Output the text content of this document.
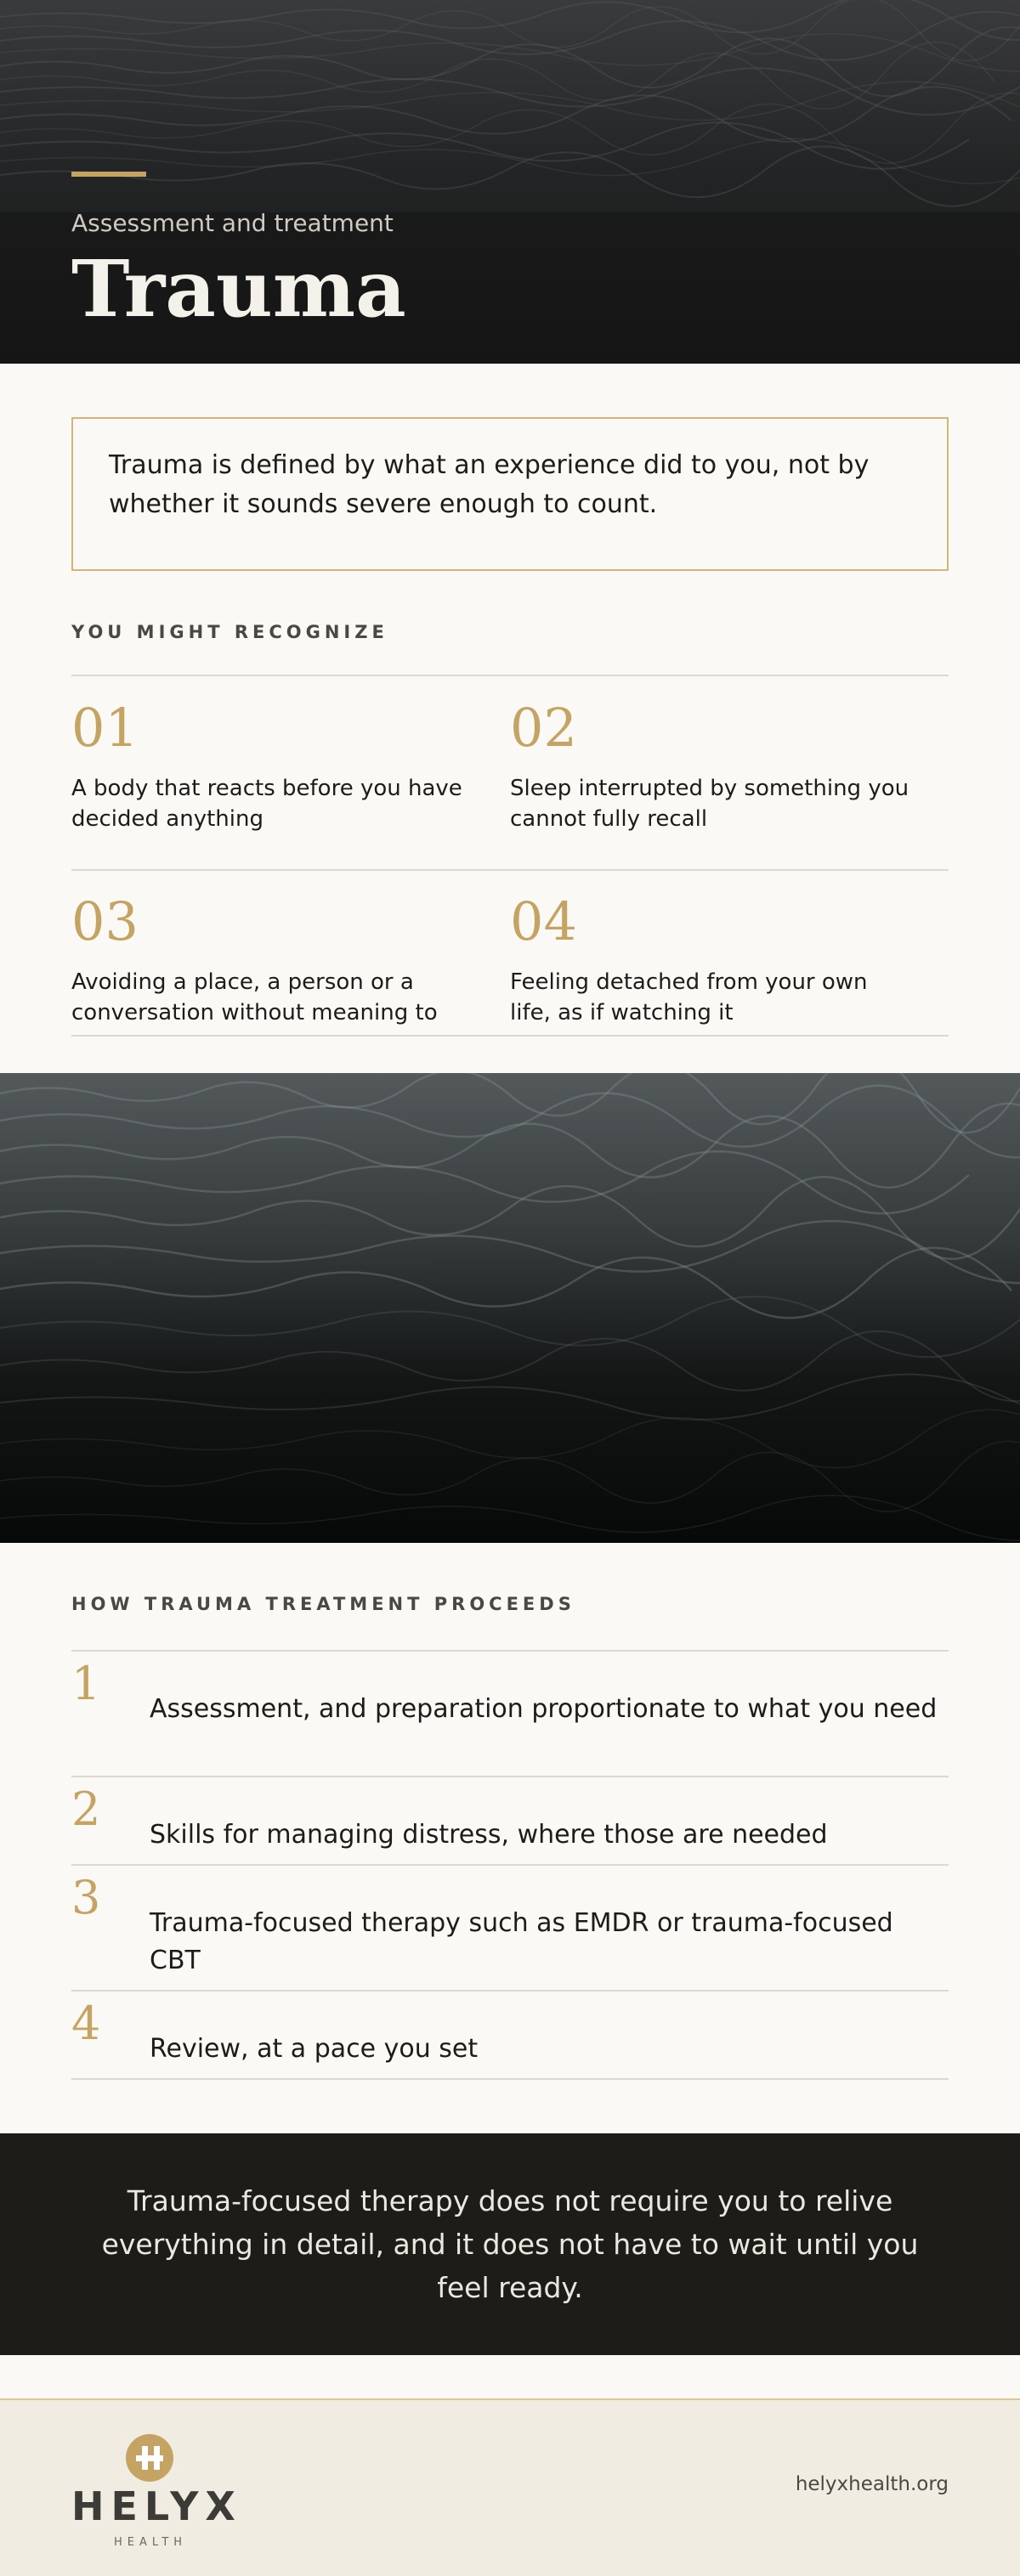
Assessment and treatment
Trauma

Trauma is defined by what an experience did to you, not by whether it sounds severe enough to count.

YOU MIGHT RECOGNIZE
01
A body that reacts before you have decided anything
02
Sleep interrupted by something you cannot fully recall
03
Avoiding a place, a person or a conversation without meaning to
04
Feeling detached from your own life, as if watching it
HOW TRAUMA TREATMENT PROCEEDS
1 Assessment, and preparation proportionate to what you need
2 Skills for managing distress, where those are needed
3 Trauma-focused therapy such as EMDR or trauma-focused CBT
4 Review, at a pace you set

Trauma-focused therapy does not require you to relive everything in detail, and it does not have to wait until you feel ready.

HELYX
HEALTH
helyxhealth.org
